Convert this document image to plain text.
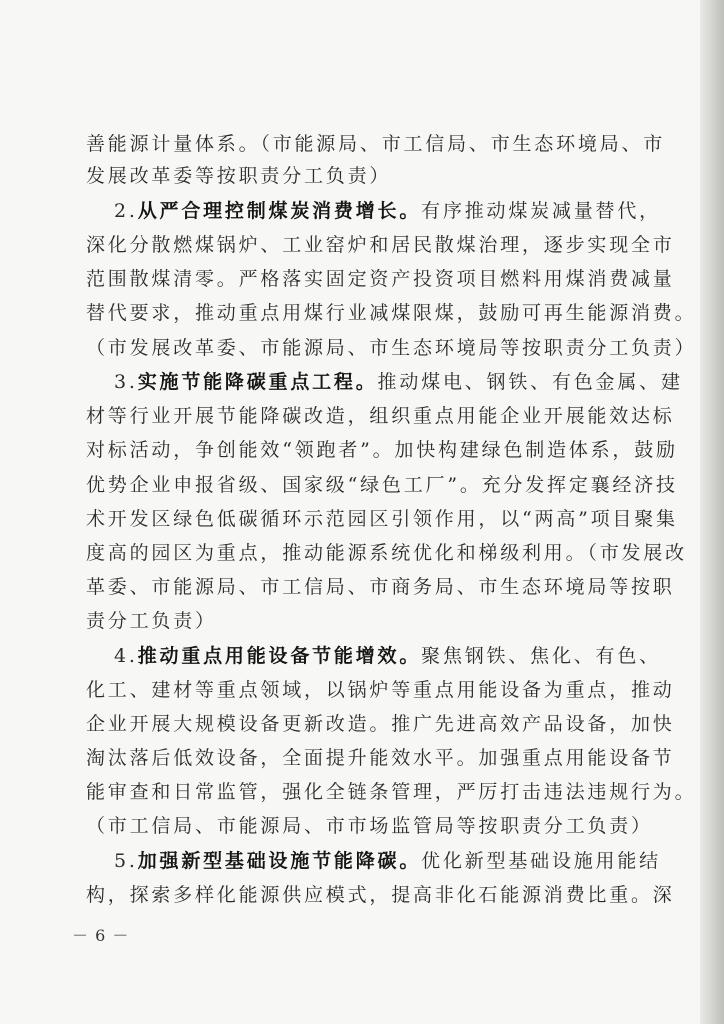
善能源计量体系。（市能源局、市工信局、市生态环境局、市
发展改革委等按职责分工负责）
2.从严合理控制煤炭消费增长。有序推动煤炭减量替代，
深化分散燃煤锅炉、工业窑炉和居民散煤治理，逐步实现全市
范围散煤清零。严格落实固定资产投资项目燃料用煤消费减量
替代要求，推动重点用煤行业减煤限煤，鼓励可再生能源消费。
（市发展改革委、市能源局、市生态环境局等按职责分工负责）
3.实施节能降碳重点工程。推动煤电、钢铁、有色金属、建
材等行业开展节能降碳改造，组织重点用能企业开展能效达标
对标活动，争创能效“领跑者”。加快构建绿色制造体系，鼓励
优势企业申报省级、国家级“绿色工厂”。充分发挥定襄经济技
术开发区绿色低碳循环示范园区引领作用，以“两高”项目聚集
度高的园区为重点，推动能源系统优化和梯级利用。（市发展改
革委、市能源局、市工信局、市商务局、市生态环境局等按职
责分工负责）
4.推动重点用能设备节能增效。聚焦钢铁、焦化、有色、
化工、建材等重点领域，以锅炉等重点用能设备为重点，推动
企业开展大规模设备更新改造。推广先进高效产品设备，加快
淘汰落后低效设备，全面提升能效水平。加强重点用能设备节
能审查和日常监管，强化全链条管理，严厉打击违法违规行为。
（市工信局、市能源局、市市场监管局等按职责分工负责）
5.加强新型基础设施节能降碳。优化新型基础设施用能结
构，探索多样化能源供应模式，提高非化石能源消费比重。深
－ 6 －
